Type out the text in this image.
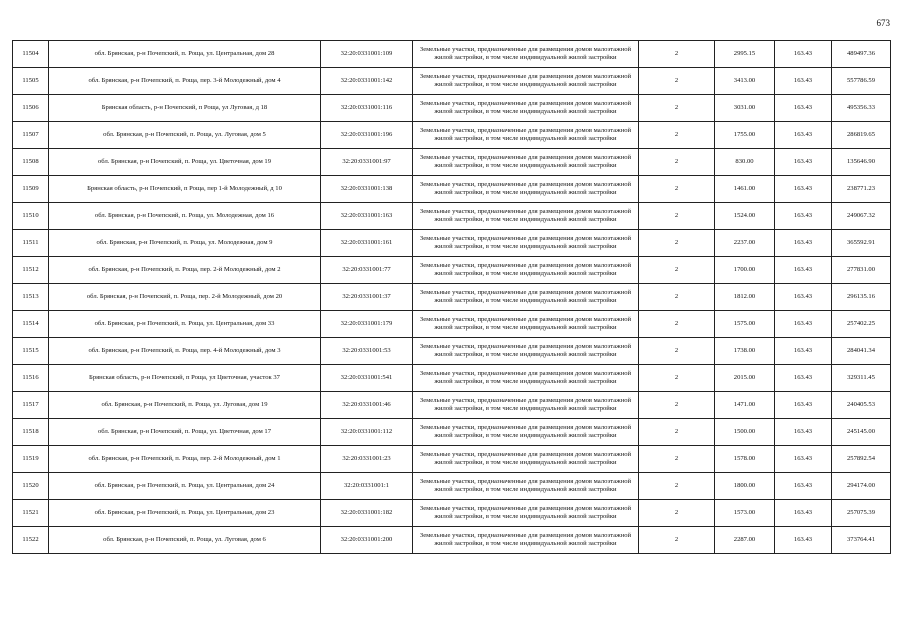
673
11504	обл. Брянская, р-н Почепский, п. Роща, ул. Центральная, дом 28	32:20:0331001:109	Земельные участки, предназначенные для размещения домов малоэтажной жилой застройки, в том числе индивидуальной жилой застройки	2	2995.15	163.43	489497.36
11505	обл. Брянская, р-н Почепский, п. Роща, пер. 3-й Молодежный, дом 4	32:20:0331001:142	Земельные участки, предназначенные для размещения домов малоэтажной жилой застройки, в том числе индивидуальной жилой застройки	2	3413.00	163.43	557786.59
11506	Брянская область, р-н Почепский, п Роща, ул Луговая, д 18	32:20:0331001:116	Земельные участки, предназначенные для размещения домов малоэтажной жилой застройки, в том числе индивидуальной жилой застройки	2	3031.00	163.43	495356.33
11507	обл. Брянская, р-н Почепский, п. Роща, ул. Луговая, дом 5	32:20:0331001:196	Земельные участки, предназначенные для размещения домов малоэтажной жилой застройки, в том числе индивидуальной жилой застройки	2	1755.00	163.43	286819.65
11508	обл. Брянская, р-н Почепский, п. Роща, ул. Цветочная, дом 19	32:20:0331001:97	Земельные участки, предназначенные для размещения домов малоэтажной жилой застройки, в том числе индивидуальной жилой застройки	2	830.00	163.43	135646.90
11509	Брянская область, р-н Почепский, п Роща, пер 1-й Молодежный, д 10	32:20:0331001:138	Земельные участки, предназначенные для размещения домов малоэтажной жилой застройки, в том числе индивидуальной жилой застройки	2	1461.00	163.43	238771.23
11510	обл. Брянская, р-н Почепский, п. Роща, ул. Молодежная, дом 16	32:20:0331001:163	Земельные участки, предназначенные для размещения домов малоэтажной жилой застройки, в том числе индивидуальной жилой застройки	2	1524.00	163.43	249067.32
11511	обл. Брянская, р-н Почепский, п. Роща, ул. Молодежная, дом 9	32:20:0331001:161	Земельные участки, предназначенные для размещения домов малоэтажной жилой застройки, в том числе индивидуальной жилой застройки	2	2237.00	163.43	365592.91
11512	обл. Брянская, р-н Почепский, п. Роща, пер. 2-й Молодежный, дом 2	32:20:0331001:77	Земельные участки, предназначенные для размещения домов малоэтажной жилой застройки, в том числе индивидуальной жилой застройки	2	1700.00	163.43	277831.00
11513	обл. Брянская, р-н Почепский, п. Роща, пер. 2-й Молодежный, дом 20	32:20:0331001:37	Земельные участки, предназначенные для размещения домов малоэтажной жилой застройки, в том числе индивидуальной жилой застройки	2	1812.00	163.43	296135.16
11514	обл. Брянская, р-н Почепский, п. Роща, ул. Центральная, дом 33	32:20:0331001:179	Земельные участки, предназначенные для размещения домов малоэтажной жилой застройки, в том числе индивидуальной жилой застройки	2	1575.00	163.43	257402.25
11515	обл. Брянская, р-н Почепский, п. Роща, пер. 4-й Молодежный, дом 3	32:20:0331001:53	Земельные участки, предназначенные для размещения домов малоэтажной жилой застройки, в том числе индивидуальной жилой застройки	2	1738.00	163.43	284041.34
11516	Брянская область, р-н Почепский, п Роща, ул Цветочная, участок 37	32:20:0331001:541	Земельные участки, предназначенные для размещения домов малоэтажной жилой застройки, в том числе индивидуальной жилой застройки	2	2015.00	163.43	329311.45
11517	обл. Брянская, р-н Почепский, п. Роща, ул. Луговая, дом 19	32:20:0331001:46	Земельные участки, предназначенные для размещения домов малоэтажной жилой застройки, в том числе индивидуальной жилой застройки	2	1471.00	163.43	240405.53
11518	обл. Брянская, р-н Почепский, п. Роща, ул. Цветочная, дом 17	32:20:0331001:112	Земельные участки, предназначенные для размещения домов малоэтажной жилой застройки, в том числе индивидуальной жилой застройки	2	1500.00	163.43	245145.00
11519	обл. Брянская, р-н Почепский, п. Роща, пер. 2-й Молодежный, дом 1	32:20:0331001:23	Земельные участки, предназначенные для размещения домов малоэтажной жилой застройки, в том числе индивидуальной жилой застройки	2	1578.00	163.43	257892.54
11520	обл. Брянская, р-н Почепский, п. Роща, ул. Центральная, дом 24	32:20:0331001:1	Земельные участки, предназначенные для размещения домов малоэтажной жилой застройки, в том числе индивидуальной жилой застройки	2	1800.00	163.43	294174.00
11521	обл. Брянская, р-н Почепский, п. Роща, ул. Центральная, дом 23	32:20:0331001:182	Земельные участки, предназначенные для размещения домов малоэтажной жилой застройки, в том числе индивидуальной жилой застройки	2	1573.00	163.43	257075.39
11522	обл. Брянская, р-н Почепский, п. Роща, ул. Луговая, дом 6	32:20:0331001:200	Земельные участки, предназначенные для размещения домов малоэтажной жилой застройки, в том числе индивидуальной жилой застройки	2	2287.00	163.43	373764.41
